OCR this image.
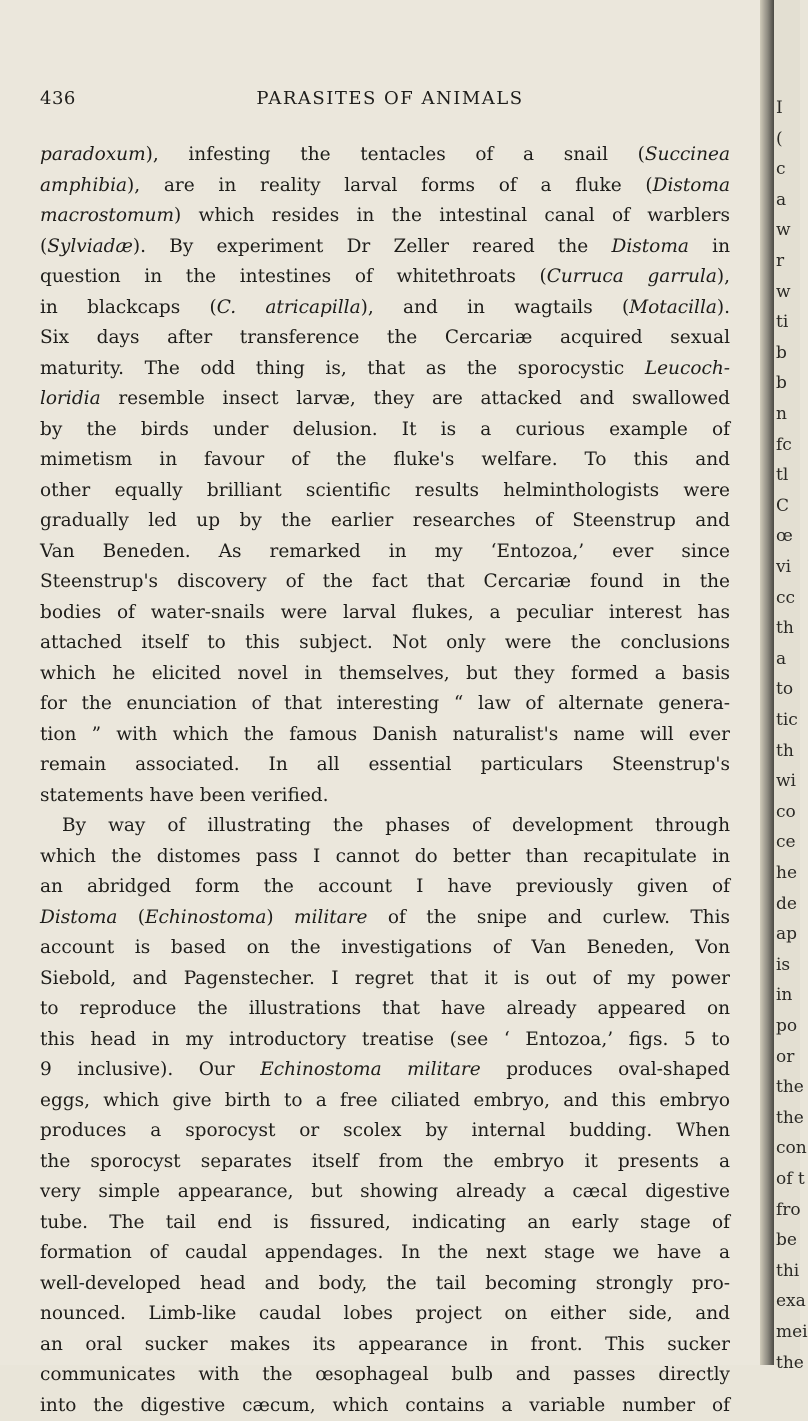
436	PARASITES OF ANIMALS
paradoxum), infesting the tentacles of a snail (Succinea
amphibia), are in reality larval forms of a fluke (Distoma
macrostomum) which resides in the intestinal canal of warblers
(Sylviadæ). By experiment Dr Zeller reared the Distoma in
question in the intestines of whitethroats (Curruca garrula),
in blackcaps (C. atricapilla), and in wagtails (Motacilla).
Six days after transference the Cercariæ acquired sexual
maturity. The odd thing is, that as the sporocystic Leucoch-
loridia resemble insect larvæ, they are attacked and swallowed
by the birds under delusion. It is a curious example of
mimetism in favour of the fluke's welfare. To this and
other equally brilliant scientific results helminthologists were
gradually led up by the earlier researches of Steenstrup and
Van Beneden. As remarked in my ‘Entozoa,’ ever since
Steenstrup's discovery of the fact that Cercariæ found in the
bodies of water-snails were larval flukes, a peculiar interest has
attached itself to this subject. Not only were the conclusions
which he elicited novel in themselves, but they formed a basis
for the enunciation of that interesting “ law of alternate genera-
tion ” with which the famous Danish naturalist's name will ever
remain associated. In all essential particulars Steenstrup's
statements have been verified.
By way of illustrating the phases of development through
which the distomes pass I cannot do better than recapitulate in
an abridged form the account I have previously given of
Distoma (Echinostoma) militare of the snipe and curlew. This
account is based on the investigations of Van Beneden, Von
Siebold, and Pagenstecher. I regret that it is out of my power
to reproduce the illustrations that have already appeared on
this head in my introductory treatise (see ‘ Entozoa,’ figs. 5 to
9 inclusive). Our Echinostoma militare produces oval-shaped
eggs, which give birth to a free ciliated embryo, and this embryo
produces a sporocyst or scolex by internal budding. When
the sporocyst separates itself from the embryo it presents a
very simple appearance, but showing already a cæcal digestive
tube. The tail end is fissured, indicating an early stage of
formation of caudal appendages. In the next stage we have a
well-developed head and body, the tail becoming strongly pro-
nounced. Limb-like caudal lobes project on either side, and
an oral sucker makes its appearance in front. This sucker
communicates with the œsophageal bulb and passes directly
into the digestive cæcum, which contains a variable number of
I
(
c
a
w
r
w
ti
b
b
n
fc
tl
C
œ
vi
cc
th
a
to
tic
th
wi
co
ce
he
de
ap
is
in
po
or
the
the
con
of t
fro
be
thi
exa
mei
the
